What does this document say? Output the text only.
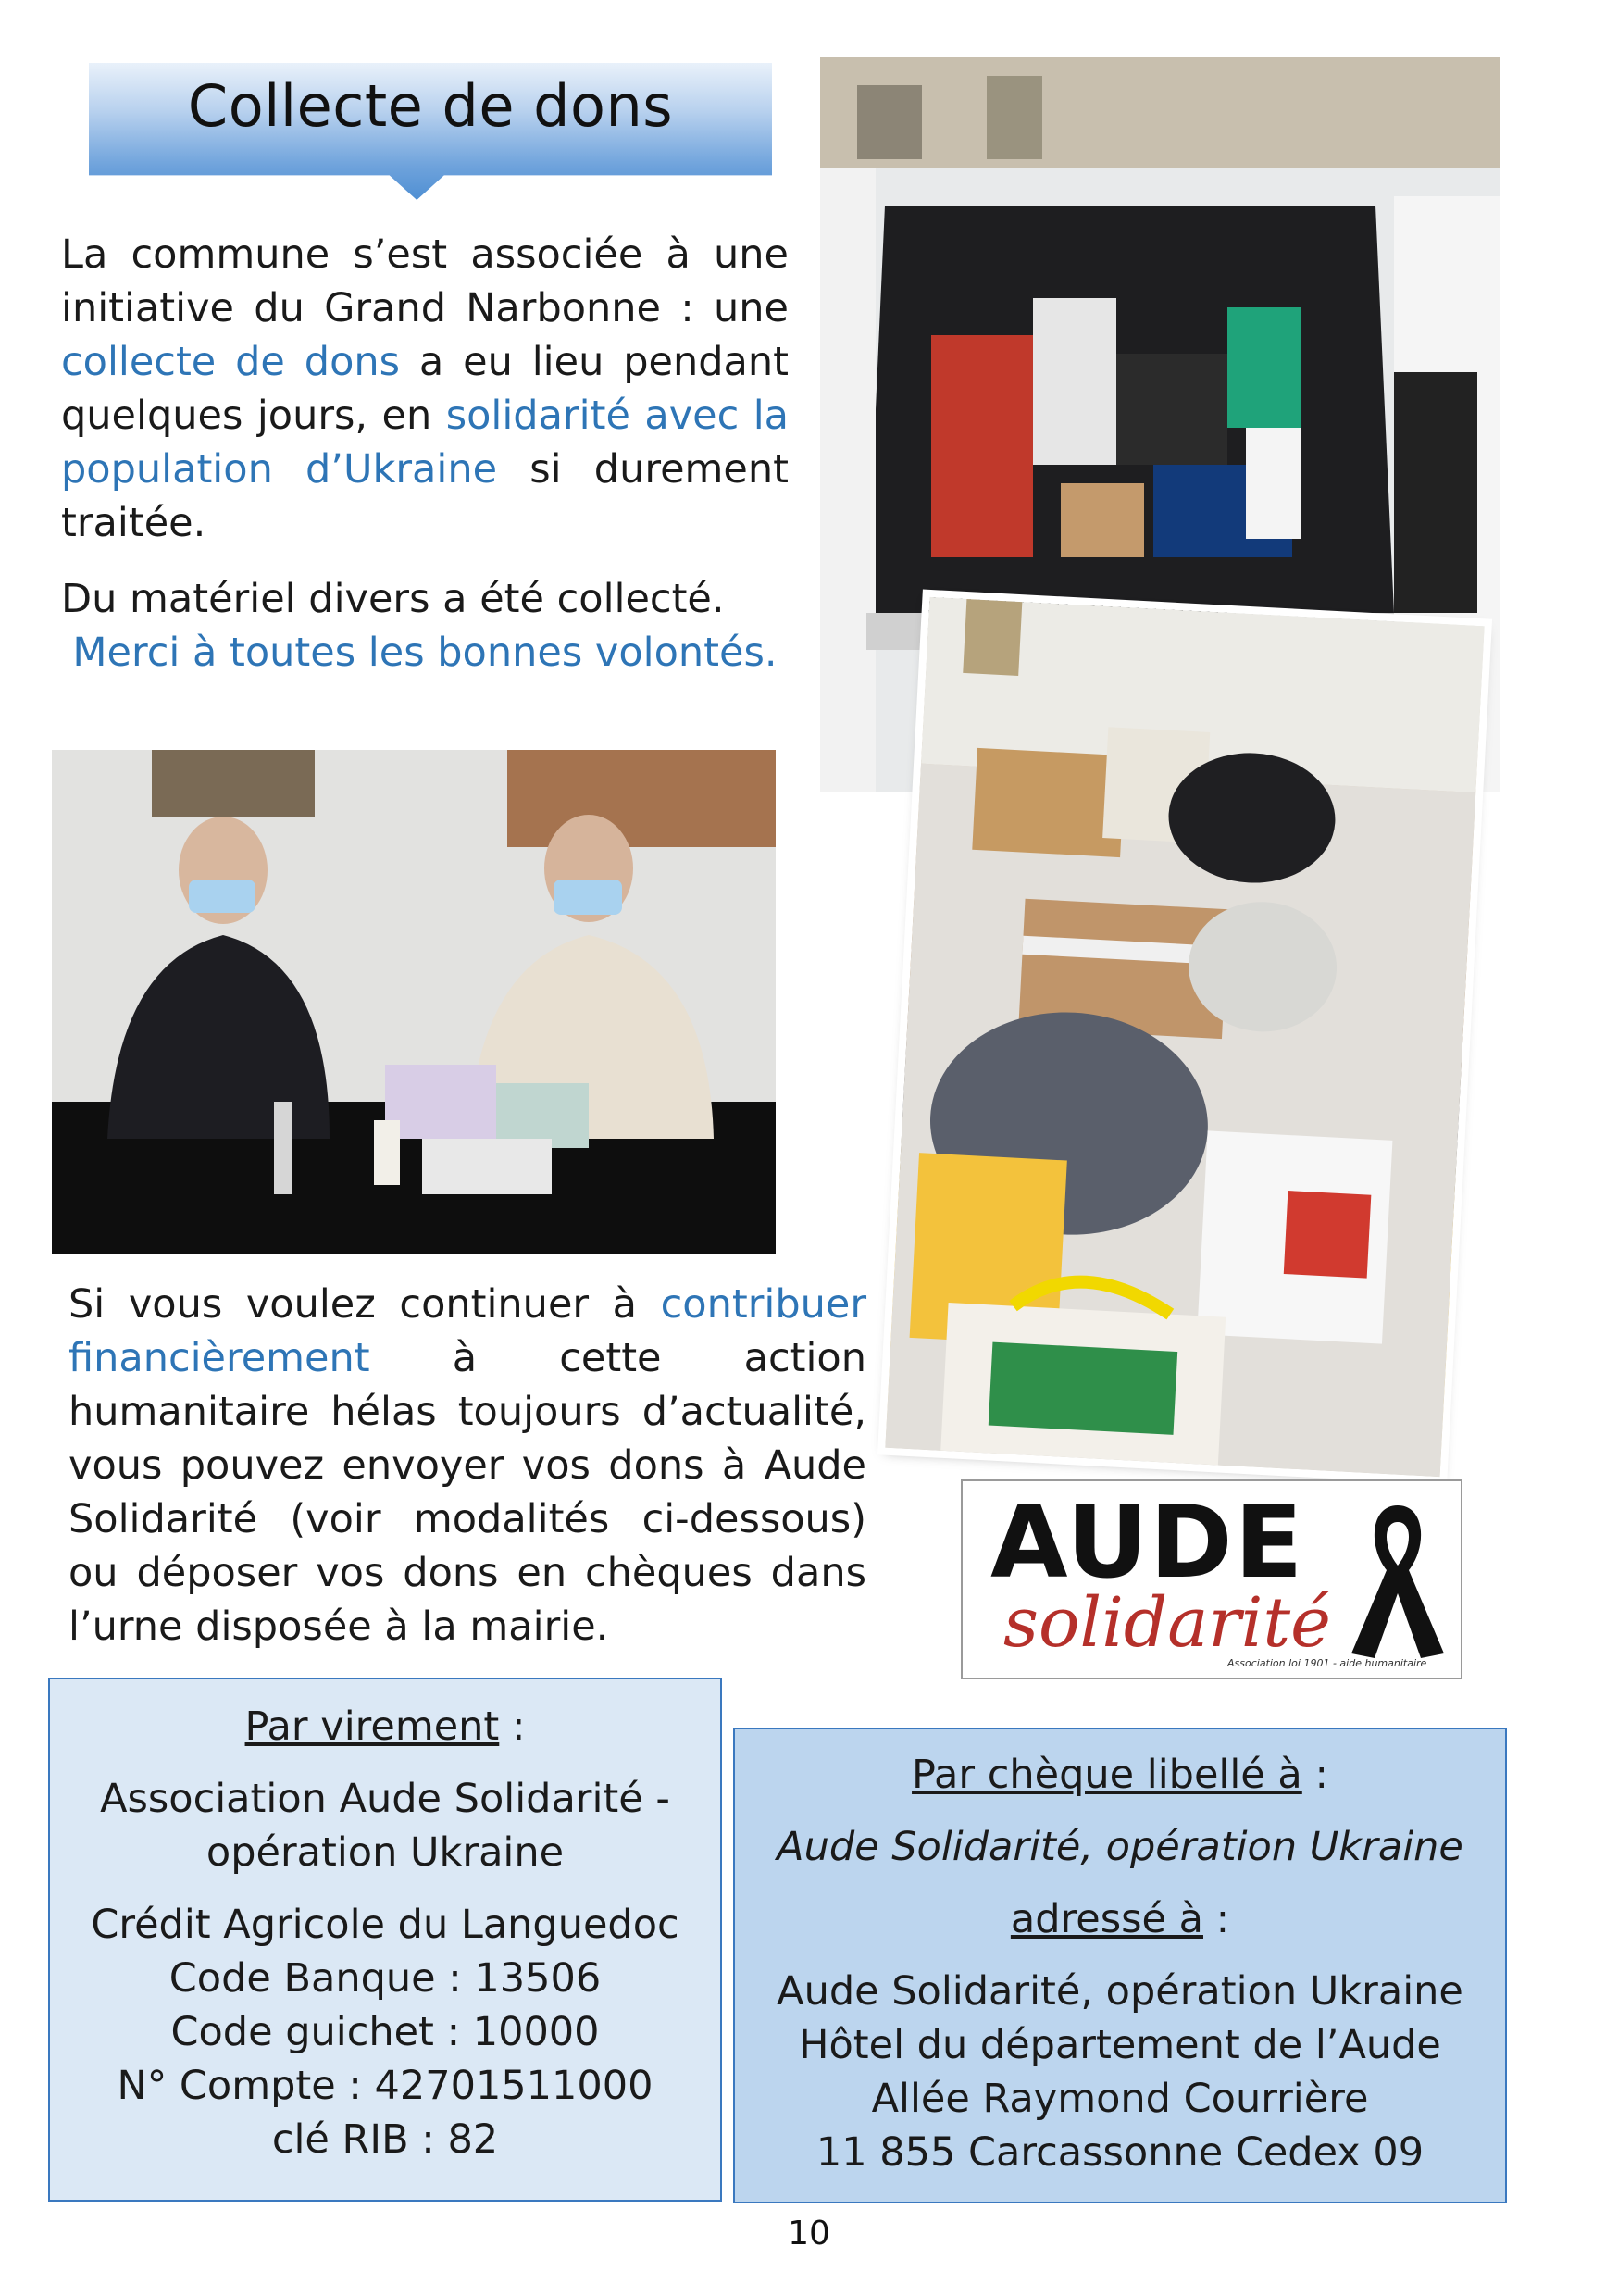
Collecte de dons
La commune s’est associée à une initiative du Grand Narbonne : une collecte de dons a eu lieu pendant quelques jours, en solidarité avec la population d’Ukraine si durement traitée.
Du matériel divers a été collecté.
Merci à toutes les bonnes volontés.
Si vous voulez continuer à contribuer financièrement à cette action humanitaire hélas toujours d’actualité, vous pouvez envoyer vos dons à Aude Solidarité (voir modalités ci-dessous) ou déposer vos dons en chèques dans l’urne disposée à la mairie.
AUDE
solidarité
Association loi 1901 - aide humanitaire
Par virement :
Association Aude Solidarité -
opération Ukraine
Crédit Agricole du Languedoc
Code Banque : 13506
Code guichet : 10000
N° Compte : 42701511000
clé RIB : 82
Par chèque libellé à :
Aude Solidarité, opération Ukraine
adressé à :
Aude Solidarité, opération Ukraine
Hôtel du département de l’Aude
Allée Raymond Courrière
11 855 Carcassonne Cedex 09
10
